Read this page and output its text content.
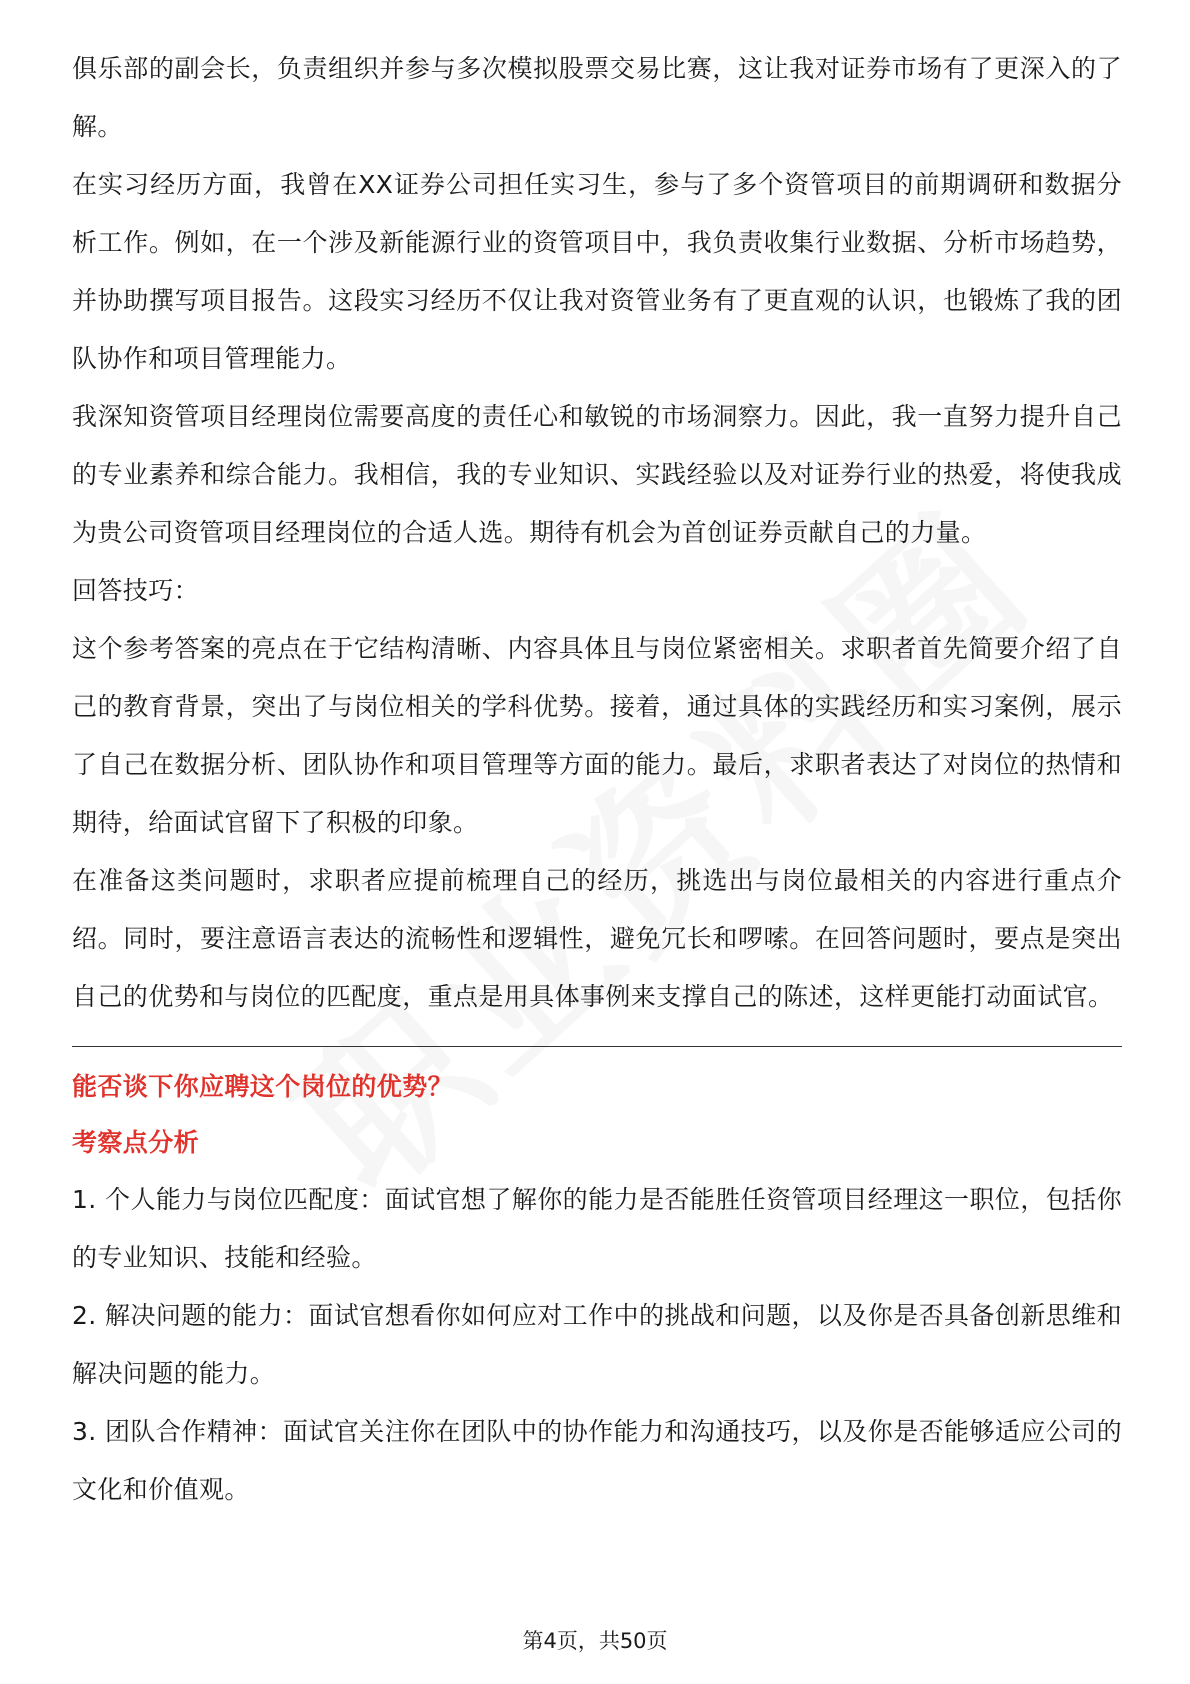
俱乐部的副会长，负责组织并参与多次模拟股票交易比赛，这让我对证券市场有了更深入的了解。

在实习经历方面，我曾在XX证券公司担任实习生，参与了多个资管项目的前期调研和数据分析工作。例如，在一个涉及新能源行业的资管项目中，我负责收集行业数据、分析市场趋势，并协助撰写项目报告。这段实习经历不仅让我对资管业务有了更直观的认识，也锻炼了我的团队协作和项目管理能力。

我深知资管项目经理岗位需要高度的责任心和敏锐的市场洞察力。因此，我一直努力提升自己的专业素养和综合能力。我相信，我的专业知识、实践经验以及对证券行业的热爱，将使我成为贵公司资管项目经理岗位的合适人选。期待有机会为首创证券贡献自己的力量。

回答技巧：

这个参考答案的亮点在于它结构清晰、内容具体且与岗位紧密相关。求职者首先简要介绍了自己的教育背景，突出了与岗位相关的学科优势。接着，通过具体的实践经历和实习案例，展示了自己在数据分析、团队协作和项目管理等方面的能力。最后，求职者表达了对岗位的热情和期待，给面试官留下了积极的印象。

在准备这类问题时，求职者应提前梳理自己的经历，挑选出与岗位最相关的内容进行重点介绍。同时，要注意语言表达的流畅性和逻辑性，避免冗长和啰嗦。在回答问题时，要点是突出自己的优势和与岗位的匹配度，重点是用具体事例来支撑自己的陈述，这样更能打动面试官。

能否谈下你应聘这个岗位的优势？

考察点分析

1. 个人能力与岗位匹配度：面试官想了解你的能力是否能胜任资管项目经理这一职位，包括你的专业知识、技能和经验。

2. 解决问题的能力：面试官想看你如何应对工作中的挑战和问题，以及你是否具备创新思维和解决问题的能力。

3. 团队合作精神：面试官关注你在团队中的协作能力和沟通技巧，以及你是否能够适应公司的文化和价值观。

第4页，共50页
